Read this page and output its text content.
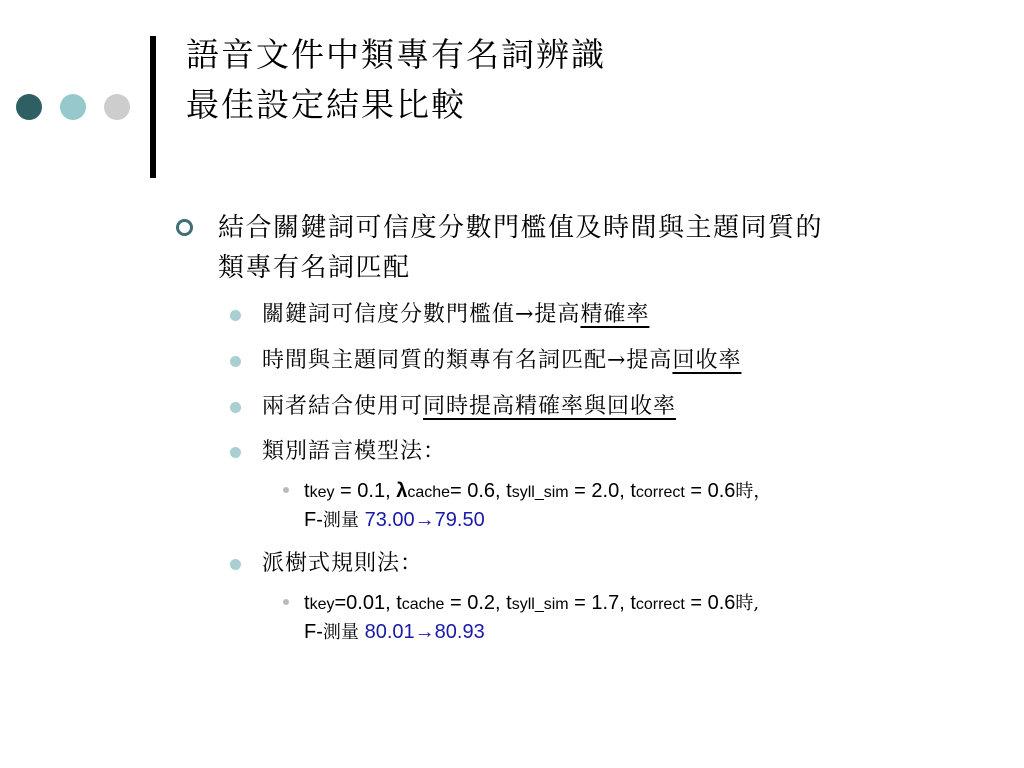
語音文件中類專有名詞辨識
最佳設定結果比較
結合關鍵詞可信度分數門檻值及時間與主題同質的
類專有名詞匹配
關鍵詞可信度分數門檻值→提高精確率
時間與主題同質的類專有名詞匹配→提高回收率
兩者結合使用可同時提高精確率與回收率
類別語言模型法：
tkey = 0.1, λcache= 0.6, tsyll_sim = 2.0, tcorrect = 0.6時，
F-測量 73.00→79.50
派樹式規則法：
tkey=0.01, tcache = 0.2, tsyll_sim = 1.7, tcorrect = 0.6時,
F-測量 80.01→80.93
